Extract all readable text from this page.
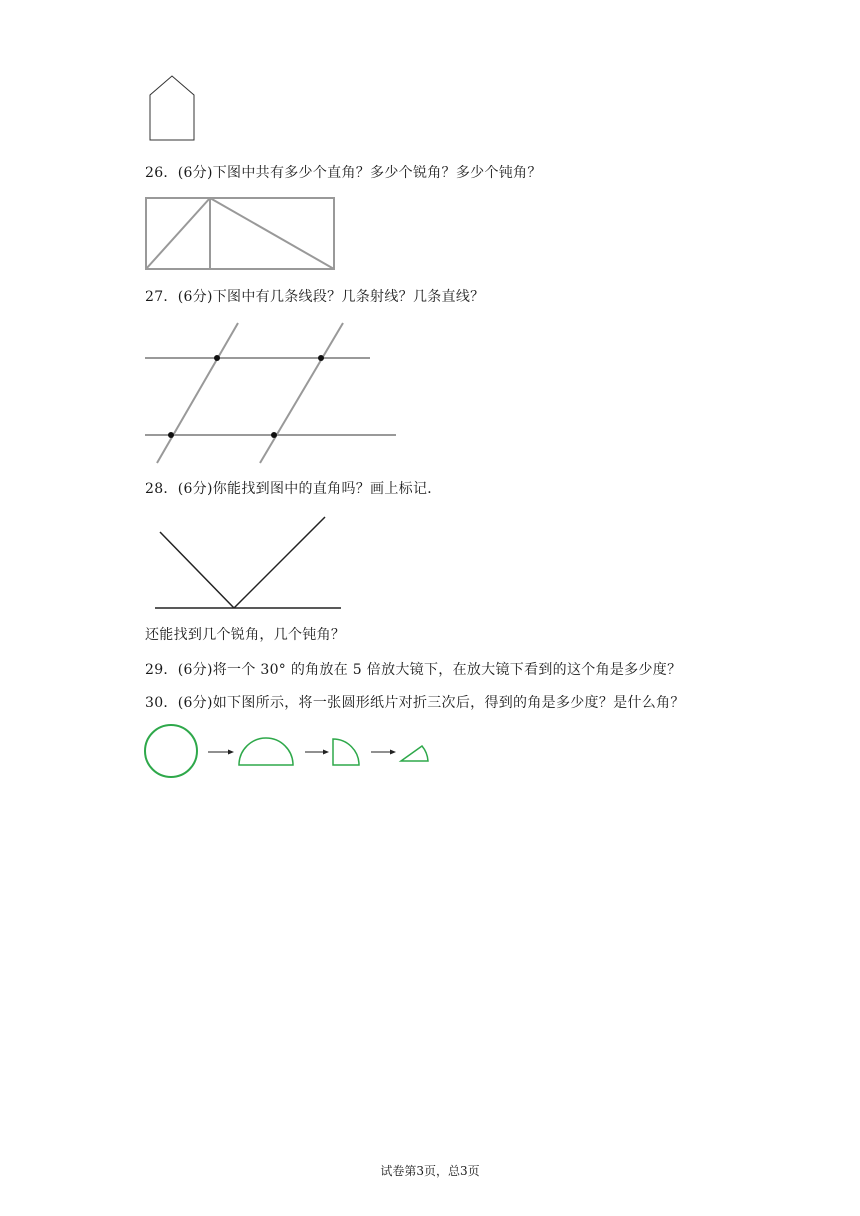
26．(6分)下图中共有多少个直角？多少个锐角？多少个钝角？
27．(6分)下图中有几条线段？几条射线？几条直线？
28．(6分)你能找到图中的直角吗？画上标记．
还能找到几个锐角，几个钝角？
29．(6分)将一个 30° 的角放在 5 倍放大镜下，在放大镜下看到的这个角是多少度？
30．(6分)如下图所示，将一张圆形纸片对折三次后，得到的角是多少度？是什么角？
试卷第3页，总3页
